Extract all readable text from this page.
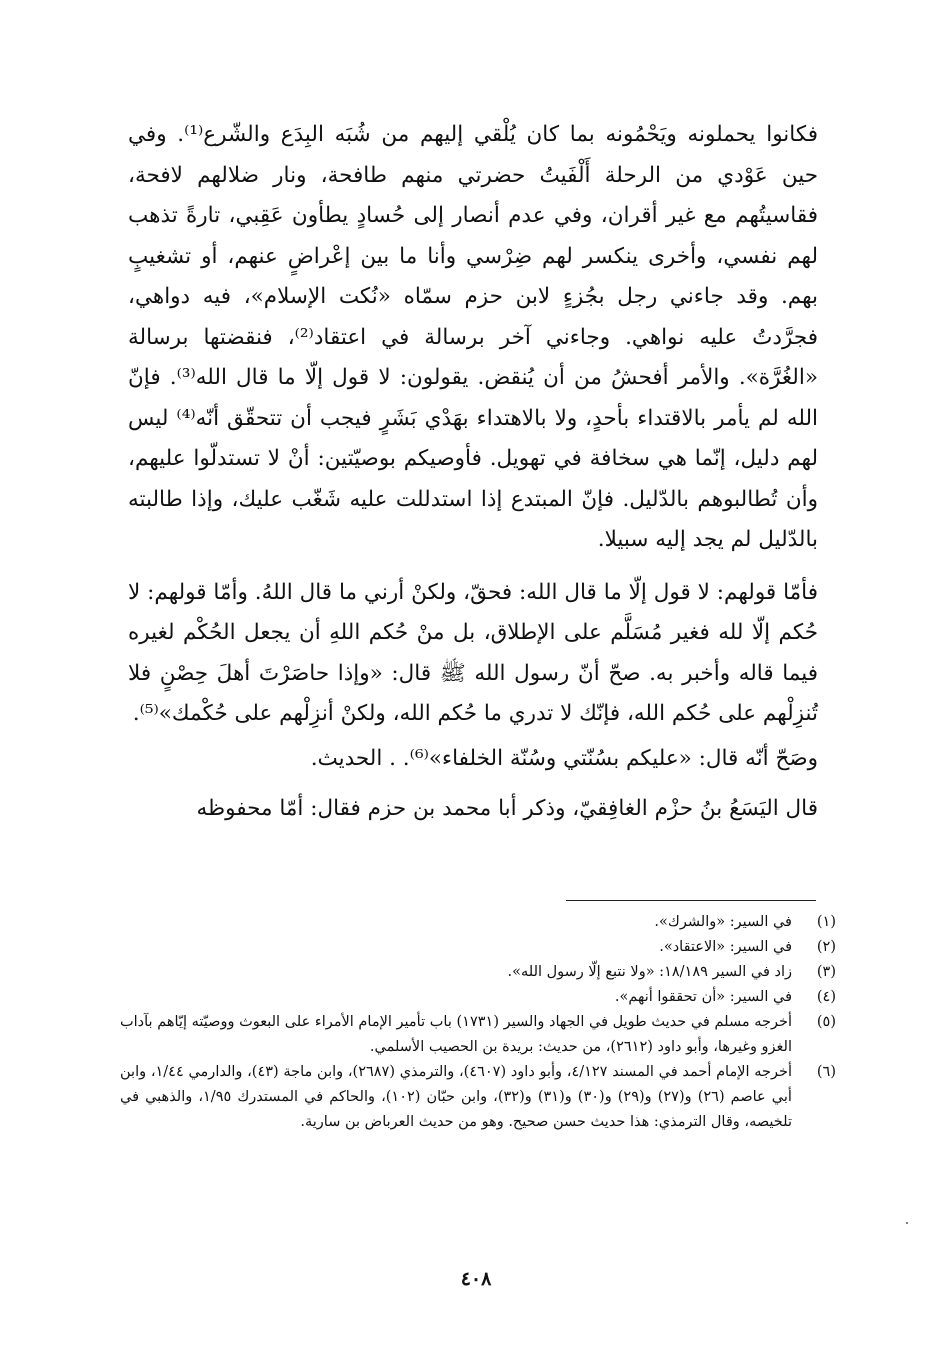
فكانوا يحملونه ويَحْمُونه بما كان يُلْقي إليهم من شُبَه البِدَع والشّرع⁽¹⁾. وفي حين عَوْدي من الرحلة أَلْفَيتُ حضرتي منهم طافحة، ونار ضلالهم لافحة، فقاسيتُهم مع غير أقران، وفي عدم أنصار إلى حُسادٍ يطأون عَقِبي، تارةً تذهب لهم نفسي، وأخرى ينكسر لهم ضِرْسي وأنا ما بين إعْراضٍ عنهم، أو تشغيبٍ بهم. وقد جاءني رجل بجُزءٍ لابن حزم سمّاه «نُكت الإسلام»، فيه دواهي، فجرَّدتُ عليه نواهي. وجاءني آخر برسالة في اعتقاد⁽²⁾، فنقضتها برسالة «الغُرَّة». والأمر أفحشُ من أن يُنقض. يقولون: لا قول إلّا ما قال الله⁽³⁾. فإنّ الله لم يأمر بالاقتداء بأحدٍ، ولا بالاهتداء بهَدْي بَشَرٍ فيجب أن تتحقّق أنّه⁽⁴⁾ ليس لهم دليل، إنّما هي سخافة في تهويل. فأوصيكم بوصيّتين: أنْ لا تستدلّوا عليهم، وأن تُطالبوهم بالدّليل. فإنّ المبتدع إذا استدللت عليه شَغّب عليك، وإذا طالبته بالدّليل لم يجد إليه سبيلا.

فأمّا قولهم: لا قول إلّا ما قال الله: فحقّ، ولكنْ أرني ما قال اللهُ. وأمّا قولهم: لا حُكم إلّا لله فغير مُسَلَّم على الإطلاق، بل منْ حُكم اللهِ أن يجعل الحُكْم لغيره فيما قاله وأخبر به. صحّ أنّ رسول الله ﷺ قال: «وإذا حاصَرْتَ أهلَ حِصْنٍ فلا تُنزِلْهم على حُكم الله، فإنّك لا تدري ما حُكم الله، ولكنْ أنزِلْهم على حُكْمك»⁽⁵⁾.

وصَحّ أنّه قال: «عليكم بسُنّتي وسُنّة الخلفاء»⁽⁶⁾. . الحديث.

قال اليَسَعُ بنُ حزْم الغافِقيّ، وذكر أبا محمد بن حزم فقال: أمّا محفوظه

(١)
في السير: «والشرك».
(٢)
في السير: «الاعتقاد».
(٣)
زاد في السير ١٨/١٨٩: «ولا نتبع إلّا رسول الله».
(٤)
في السير: «أن تحققوا أنهم».
(٥)
أخرجه مسلم في حديث طويل في الجهاد والسير (١٧٣١) باب تأمير الإمام الأمراء على البعوث ووصيّته إيّاهم بآداب الغزو وغيرها، وأبو داود (٢٦١٢)، من حديث: بريدة بن الحصيب الأسلمي.
(٦)
أخرجه الإمام أحمد في المسند ٤/١٢٧، وأبو داود (٤٦٠٧)، والترمذي (٢٦٨٧)، وابن ماجة (٤٣)، والدارمي ١/٤٤، وابن أبي عاصم (٢٦) و(٢٧) و(٢٩) و(٣٠) و(٣١) و(٣٢)، وابن حبّان (١٠٢)، والحاكم في المستدرك ١/٩٥، والذهبي في تلخيصه، وقال الترمذي: هذا حديث حسن صحيح. وهو من حديث العرباض بن سارية.
٤٠٨
